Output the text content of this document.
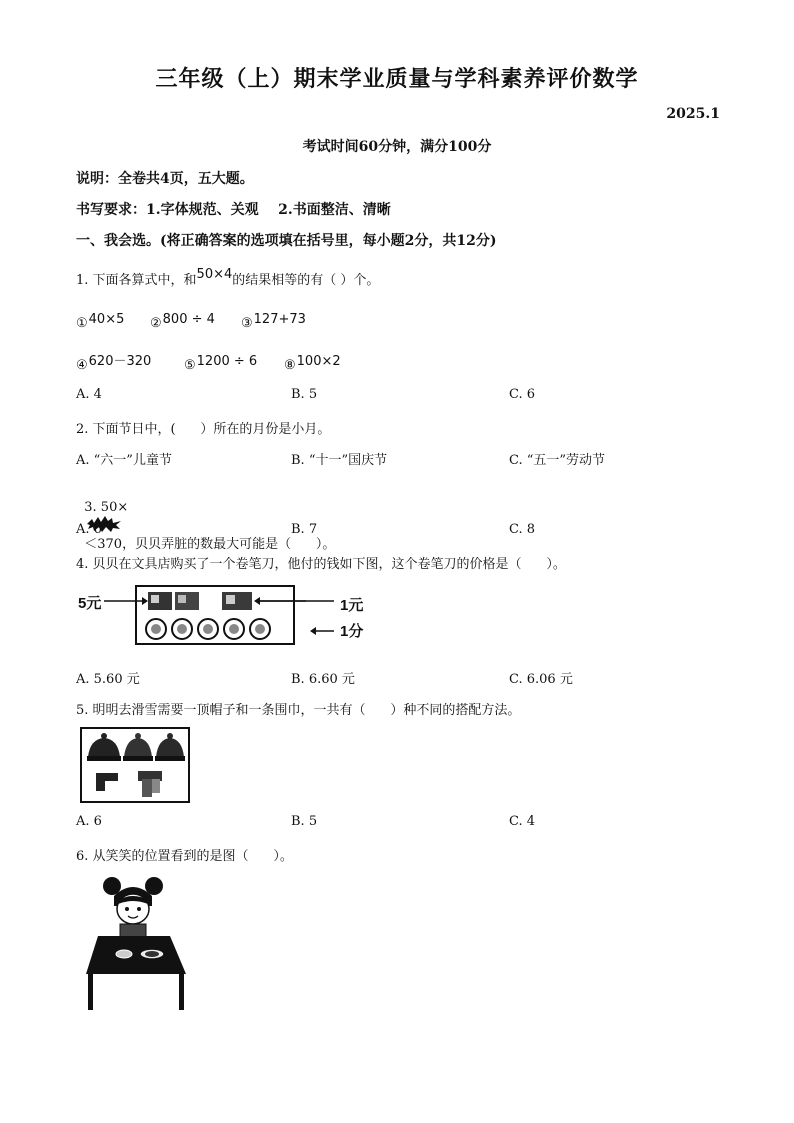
三年级（上）期末学业质量与学科素养评价数学
2025.1
考试时间60分钟，满分100分
说明：全卷共4页，五大题。
书写要求：1.字体规范、关观    2.书面整洁、清晰
一、我会选。(将正确答案的选项填在括号里，每小题2分，共12分)
1. 下面各算式中，和50×4的结果相等的有（ ）个。
①40×5 ②800 ÷ 4 ③127+73
④620－320	⑤1200 ÷ 6 ⑧100×2
A. 4	B. 5	C. 6
2. 下面节日中，(      ）所在的月份是小月。
A. “六一”儿童节	B. “十一”国庆节	C. “五一”劳动节

3. 50×

＜370，贝贝弄脏的数最大可能是（      ）。

A. 6	B. 7	C. 8
4. 贝贝在文具店购买了一个卷笔刀，他付的钱如下图，这个卷笔刀的价格是（      ）。
5元	1元
1分
A. 5.60 元	B. 6.60 元	C. 6.06 元
5. 明明去滑雪需要一顶帽子和一条围巾，一共有（      ）种不同的搭配方法。
A. 6	B. 5	C. 4
6. 从笑笑的位置看到的是图（      ）。
